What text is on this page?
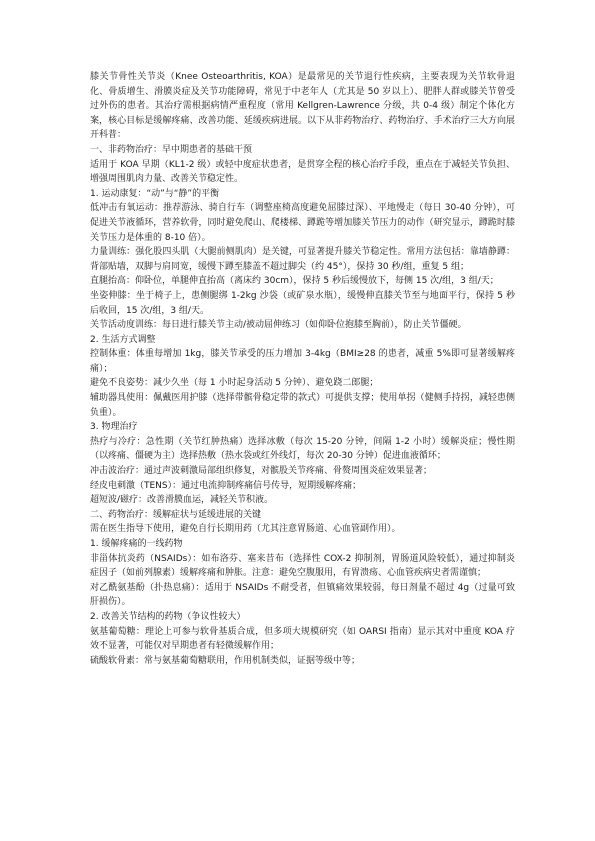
膝关节骨性关节炎（Knee Osteoarthritis, KOA）是最常见的关节退行性疾病，主要表现为关节软骨退化、骨质增生、滑膜炎症及关节功能障碍，常见于中老年人（尤其是 50 岁以上）、肥胖人群或膝关节曾受过外伤的患者。其治疗需根据病情严重程度（常用 Kellgren-Lawrence 分级，共 0-4 级）制定个体化方案，核心目标是缓解疼痛、改善功能、延缓疾病进展。以下从非药物治疗、药物治疗、手术治疗三大方向展开科普：

一、非药物治疗：早中期患者的基础干预

适用于 KOA 早期（KL1-2 级）或轻中度症状患者，是贯穿全程的核心治疗手段，重点在于减轻关节负担、增强周围肌肉力量、改善关节稳定性。

1. 运动康复：“动”与“静”的平衡

低冲击有氧运动：推荐游泳、骑自行车（调整座椅高度避免屈膝过深）、平地慢走（每日 30-40 分钟），可促进关节液循环，营养软骨，同时避免爬山、爬楼梯、蹲跪等增加膝关节压力的动作（研究显示，蹲跪时膝关节压力是体重的 8-10 倍）。

力量训练：强化股四头肌（大腿前侧肌肉）是关键，可显著提升膝关节稳定性。常用方法包括：靠墙静蹲：背部贴墙，双脚与肩同宽，缓慢下蹲至膝盖不超过脚尖（约 45°），保持 30 秒/组，重复 5 组；

直腿抬高：仰卧位，单腿伸直抬高（离床约 30cm），保持 5 秒后缓慢放下，每侧 15 次/组，3 组/天；

坐姿伸膝：坐于椅子上，患侧腿绑 1-2kg 沙袋（或矿泉水瓶），缓慢伸直膝关节至与地面平行，保持 5 秒后收回，15 次/组，3 组/天。

关节活动度训练：每日进行膝关节主动/被动屈伸练习（如仰卧位抱膝至胸前），防止关节僵硬。

2. 生活方式调整

控制体重：体重每增加 1kg，膝关节承受的压力增加 3-4kg（BMI≥28 的患者，减重 5%即可显著缓解疼痛）；

避免不良姿势：减少久坐（每 1 小时起身活动 5 分钟）、避免跷二郎腿；

辅助器具使用：佩戴医用护膝（选择带髌骨稳定带的款式）可提供支撑；使用单拐（健侧手持拐，减轻患侧负重）。

3. 物理治疗

热疗与冷疗：急性期（关节红肿热痛）选择冰敷（每次 15-20 分钟，间隔 1-2 小时）缓解炎症；慢性期（以疼痛、僵硬为主）选择热敷（热水袋或红外线灯，每次 20-30 分钟）促进血液循环；

冲击波治疗：通过声波刺激局部组织修复，对髌股关节疼痛、骨赘周围炎症效果显著；

经皮电刺激（TENS）：通过电流抑制疼痛信号传导，短期缓解疼痛；

超短波/磁疗：改善滑膜血运，减轻关节积液。

二、药物治疗：缓解症状与延缓进展的关键

需在医生指导下使用，避免自行长期用药（尤其注意胃肠道、心血管副作用）。

1. 缓解疼痛的一线药物

非甾体抗炎药（NSAIDs）：如布洛芬、塞来昔布（选择性 COX-2 抑制剂，胃肠道风险较低），通过抑制炎症因子（如前列腺素）缓解疼痛和肿胀。注意：避免空腹服用，有胃溃疡、心血管疾病史者需谨慎；

对乙酰氨基酚（扑热息痛）：适用于 NSAIDs 不耐受者，但镇痛效果较弱，每日剂量不超过 4g（过量可致肝损伤）。

2. 改善关节结构的药物（争议性较大）

氨基葡萄糖：理论上可参与软骨基质合成，但多项大规模研究（如 OARSI 指南）显示其对中重度 KOA 疗效不显著，可能仅对早期患者有轻微缓解作用；

硫酸软骨素：常与氨基葡萄糖联用，作用机制类似，证据等级中等；
